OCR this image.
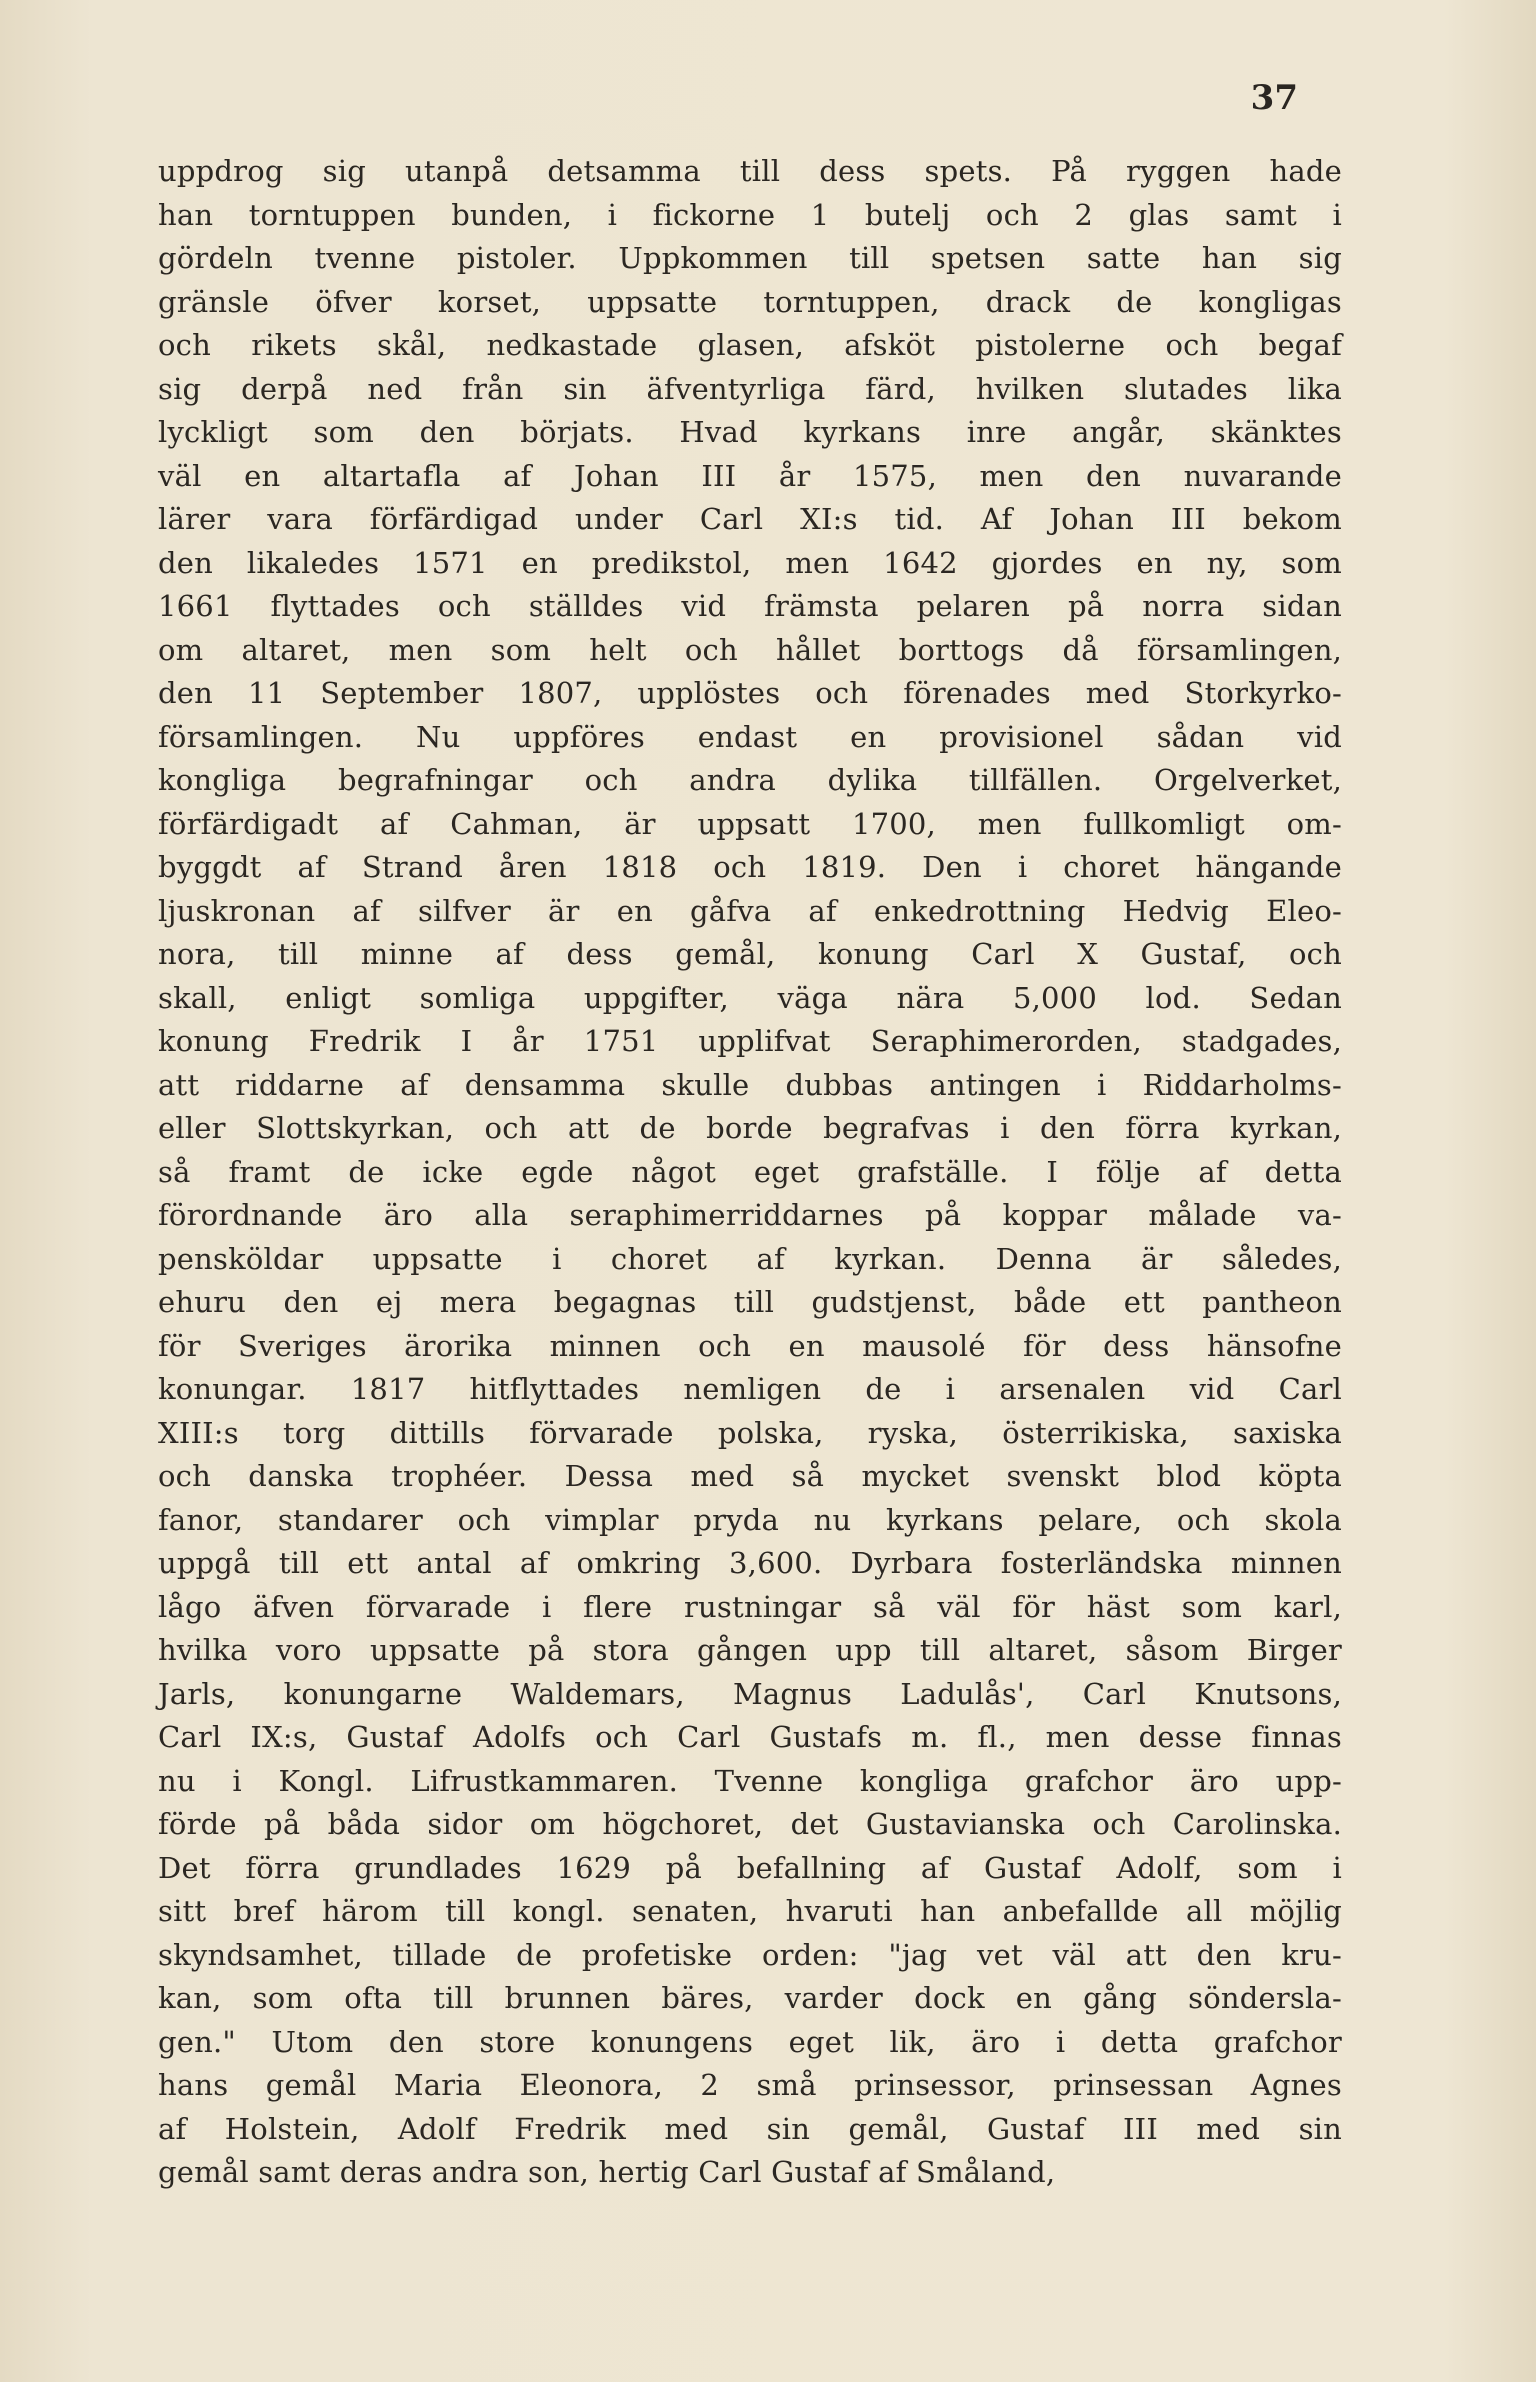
37
uppdrog sig utanpå detsamma till dess spets. På ryggen hade
han torntuppen bunden, i fickorne 1 butelj och 2 glas samt i
gördeln tvenne pistoler. Uppkommen till spetsen satte han sig
gränsle öfver korset, uppsatte torntuppen, drack de kongligas
och rikets skål, nedkastade glasen, afsköt pistolerne och begaf
sig derpå ned från sin äfventyrliga färd, hvilken slutades lika
lyckligt som den börjats. Hvad kyrkans inre angår, skänktes
väl en altartafla af Johan III år 1575, men den nuvarande
lärer vara förfärdigad under Carl XI:s tid. Af Johan III bekom
den likaledes 1571 en predikstol, men 1642 gjordes en ny, som
1661 flyttades och ställdes vid främsta pelaren på norra sidan
om altaret, men som helt och hållet borttogs då församlingen,
den 11 September 1807, upplöstes och förenades med Storkyrko-
församlingen. Nu uppföres endast en provisionel sådan vid
kongliga begrafningar och andra dylika tillfällen. Orgelverket,
förfärdigadt af Cahman, är uppsatt 1700, men fullkomligt om-
byggdt af Strand åren 1818 och 1819. Den i choret hängande
ljuskronan af silfver är en gåfva af enkedrottning Hedvig Eleo-
nora, till minne af dess gemål, konung Carl X Gustaf, och
skall, enligt somliga uppgifter, väga nära 5,000 lod. Sedan
konung Fredrik I år 1751 upplifvat Seraphimerorden, stadgades,
att riddarne af densamma skulle dubbas antingen i Riddarholms-
eller Slottskyrkan, och att de borde begrafvas i den förra kyrkan,
så framt de icke egde något eget grafställe. I följe af detta
förordnande äro alla seraphimerriddarnes på koppar målade va-
pensköldar uppsatte i choret af kyrkan. Denna är således,
ehuru den ej mera begagnas till gudstjenst, både ett pantheon
för Sveriges ärorika minnen och en mausolé för dess hänsofne
konungar. 1817 hitflyttades nemligen de i arsenalen vid Carl
XIII:s torg dittills förvarade polska, ryska, österrikiska, saxiska
och danska trophéer. Dessa med så mycket svenskt blod köpta
fanor, standarer och vimplar pryda nu kyrkans pelare, och skola
uppgå till ett antal af omkring 3,600. Dyrbara fosterländska minnen
lågo äfven förvarade i flere rustningar så väl för häst som karl,
hvilka voro uppsatte på stora gången upp till altaret, såsom Birger
Jarls, konungarne Waldemars, Magnus Ladulås', Carl Knutsons,
Carl IX:s, Gustaf Adolfs och Carl Gustafs m. fl., men desse finnas
nu i Kongl. Lifrustkammaren. Tvenne kongliga grafchor äro upp-
förde på båda sidor om högchoret, det Gustavianska och Carolinska.
Det förra grundlades 1629 på befallning af Gustaf Adolf, som i
sitt bref härom till kongl. senaten, hvaruti han anbefallde all möjlig
skyndsamhet, tillade de profetiske orden: "jag vet väl att den kru-
kan, som ofta till brunnen bäres, varder dock en gång sönderslа-
gen." Utom den store konungens eget lik, äro i detta grafchor
hans gemål Maria Eleonora, 2 små prinsessor, prinsessan Agnes
af Holstein, Adolf Fredrik med sin gemål, Gustaf III med sin
gemål samt deras andra son, hertig Carl Gustaf af Småland,
